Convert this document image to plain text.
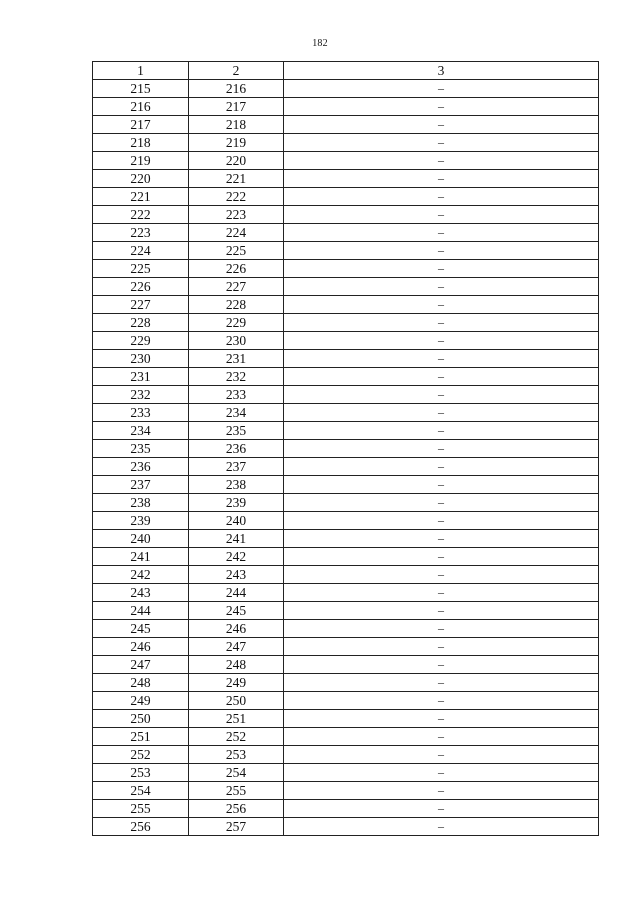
182
1	2	3
215	216	–
216	217	–
217	218	–
218	219	–
219	220	–
220	221	–
221	222	–
222	223	–
223	224	–
224	225	–
225	226	–
226	227	–
227	228	–
228	229	–
229	230	–
230	231	–
231	232	–
232	233	–
233	234	–
234	235	–
235	236	–
236	237	–
237	238	–
238	239	–
239	240	–
240	241	–
241	242	–
242	243	–
243	244	–
244	245	–
245	246	–
246	247	–
247	248	–
248	249	–
249	250	–
250	251	–
251	252	–
252	253	–
253	254	–
254	255	–
255	256	–
256	257	–
